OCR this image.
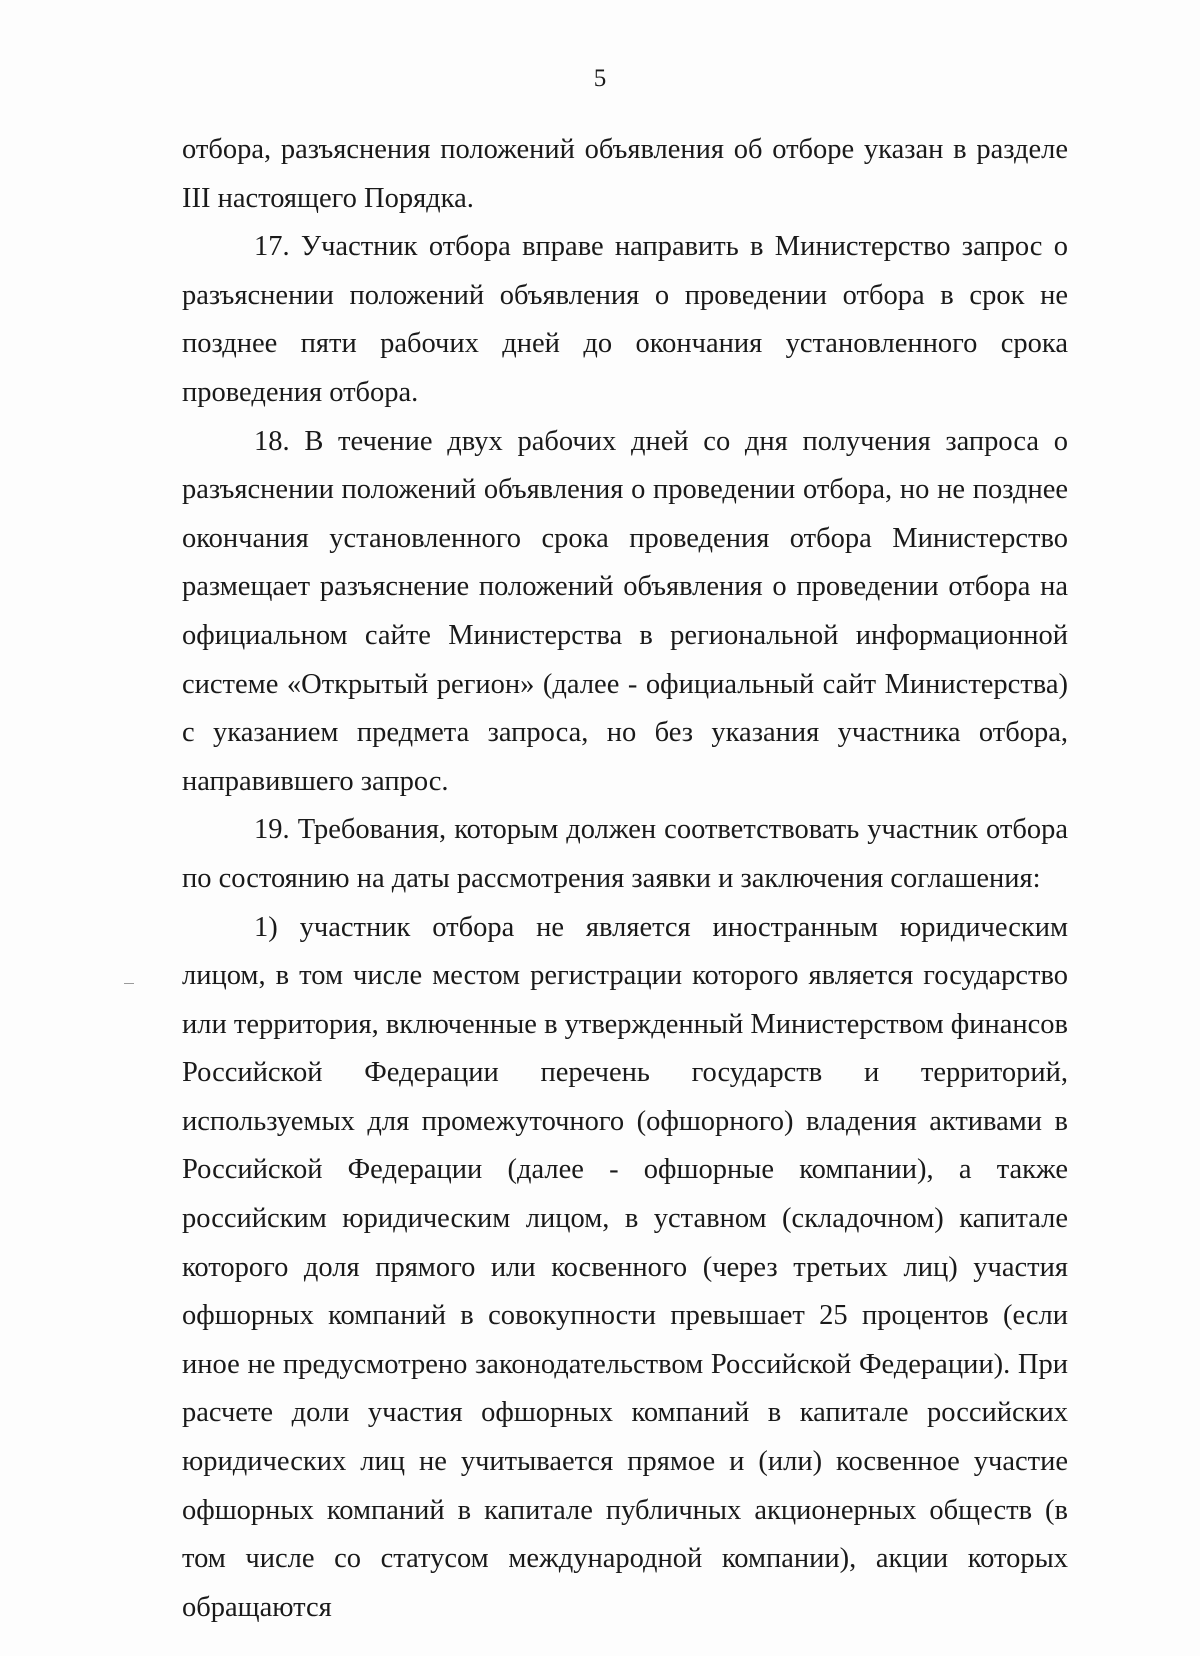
5

отбора, разъяснения положений объявления об отборе указан в разделе III настоящего Порядка.

17. Участник отбора вправе направить в Министерство запрос о разъяснении положений объявления о проведении отбора в срок не позднее пяти рабочих дней до окончания установленного срока проведения отбора.

18. В течение двух рабочих дней со дня получения запроса о разъяснении положений объявления о проведении отбора, но не позднее окончания установленного срока проведения отбора Министерство размещает разъяснение положений объявления о проведении отбора на официальном сайте Министерства в региональной информационной системе «Открытый регион» (далее - официальный сайт Министерства) с указанием предмета запроса, но без указания участника отбора, направившего запрос.

19. Требования, которым должен соответствовать участник отбора по состоянию на даты рассмотрения заявки и заключения соглашения:

1) участник отбора не является иностранным юридическим лицом, в том числе местом регистрации которого является государство или территория, включенные в утвержденный Министерством финансов Российской Федерации перечень государств и территорий, используемых для промежуточного (офшорного) владения активами в Российской Федерации (далее - офшорные компании), а также российским юридическим лицом, в уставном (складочном) капитале которого доля прямого или косвенного (через третьих лиц) участия офшорных компаний в совокупности превышает 25 процентов (если иное не предусмотрено законодательством Российской Федерации). При расчете доли участия офшорных компаний в капитале российских юридических лиц не учитывается прямое и (или) косвенное участие офшорных компаний в капитале публичных акционерных обществ (в том числе со статусом международной компании), акции которых обращаются
